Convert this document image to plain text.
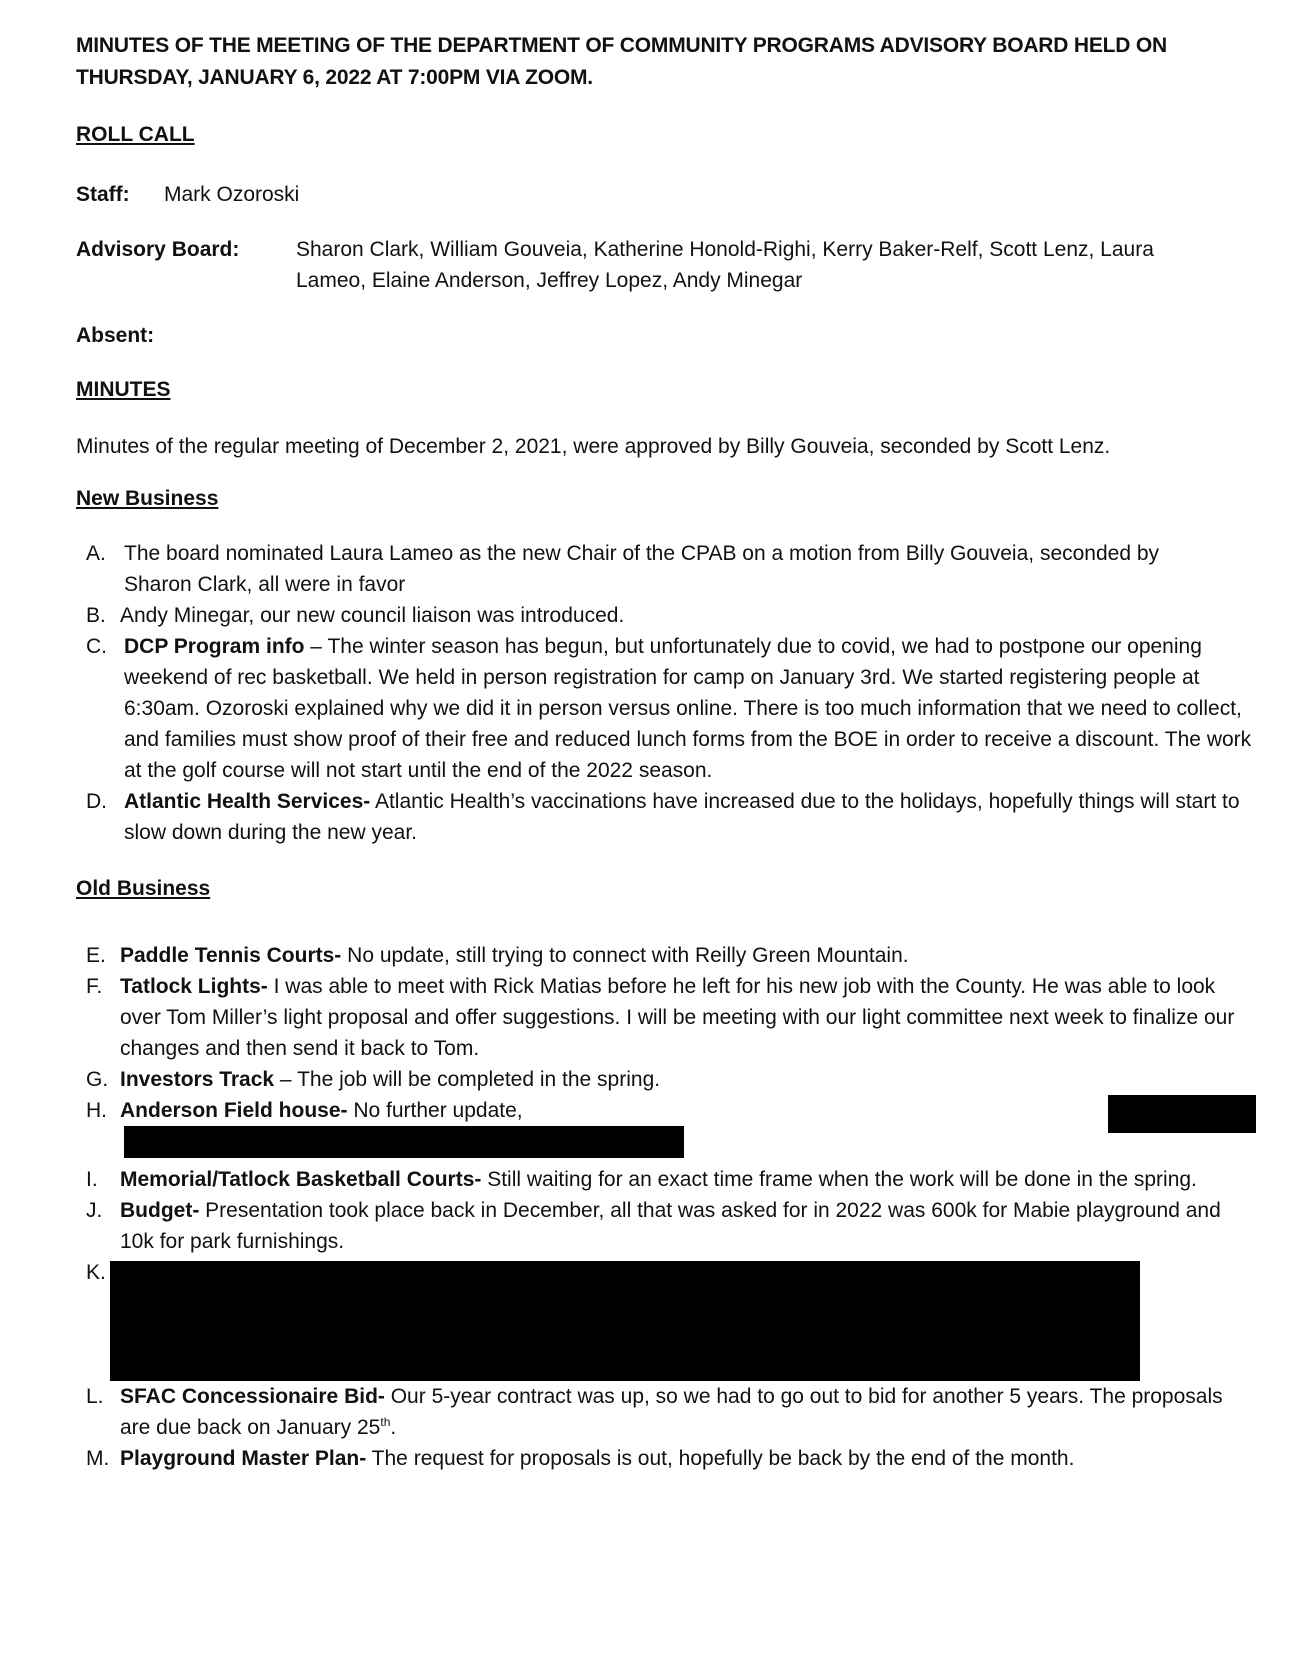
MINUTES OF THE MEETING OF THE DEPARTMENT OF COMMUNITY PROGRAMS ADVISORY BOARD HELD ON THURSDAY, JANUARY 6, 2022 AT 7:00PM VIA ZOOM.

ROLL CALL

Staff:	Mark Ozoroski
Advisory Board:	Sharon Clark, William Gouveia, Katherine Honold-Righi, Kerry Baker-Relf, Scott Lenz, Laura Lameo, Elaine Anderson, Jeffrey Lopez, Andy Minegar
Absent:

MINUTES

Minutes of the regular meeting of December 2, 2021, were approved by Billy Gouveia, seconded by Scott Lenz.

New Business

A. The board nominated Laura Lameo as the new Chair of the CPAB on a motion from Billy Gouveia, seconded by Sharon Clark, all were in favor
B. Andy Minegar, our new council liaison was introduced.
C. DCP Program info – The winter season has begun, but unfortunately due to covid, we had to postpone our opening weekend of rec basketball. We held in person registration for camp on January 3rd. We started registering people at 6:30am. Ozoroski explained why we did it in person versus online. There is too much information that we need to collect, and families must show proof of their free and reduced lunch forms from the BOE in order to receive a discount. The work at the golf course will not start until the end of the 2022 season.
D. Atlantic Health Services- Atlantic Health’s vaccinations have increased due to the holidays, hopefully things will start to slow down during the new year.

Old Business

E. Paddle Tennis Courts- No update, still trying to connect with Reilly Green Mountain.
F. Tatlock Lights- I was able to meet with Rick Matias before he left for his new job with the County. He was able to look over Tom Miller’s light proposal and offer suggestions. I will be meeting with our light committee next week to finalize our changes and then send it back to Tom.
G. Investors Track – The job will be completed in the spring.
H. Anderson Field house- No further update,
I.	Memorial/Tatlock Basketball Courts- Still waiting for an exact time frame when the work will be done in the spring.
J. Budget- Presentation took place back in December, all that was asked for in 2022 was 600k for Mabie playground and 10k for park furnishings.
K.
L. SFAC Concessionaire Bid- Our 5-year contract was up, so we had to go out to bid for another 5 years. The proposals are due back on January 25th.
M. Playground Master Plan- The request for proposals is out, hopefully be back by the end of the month.
